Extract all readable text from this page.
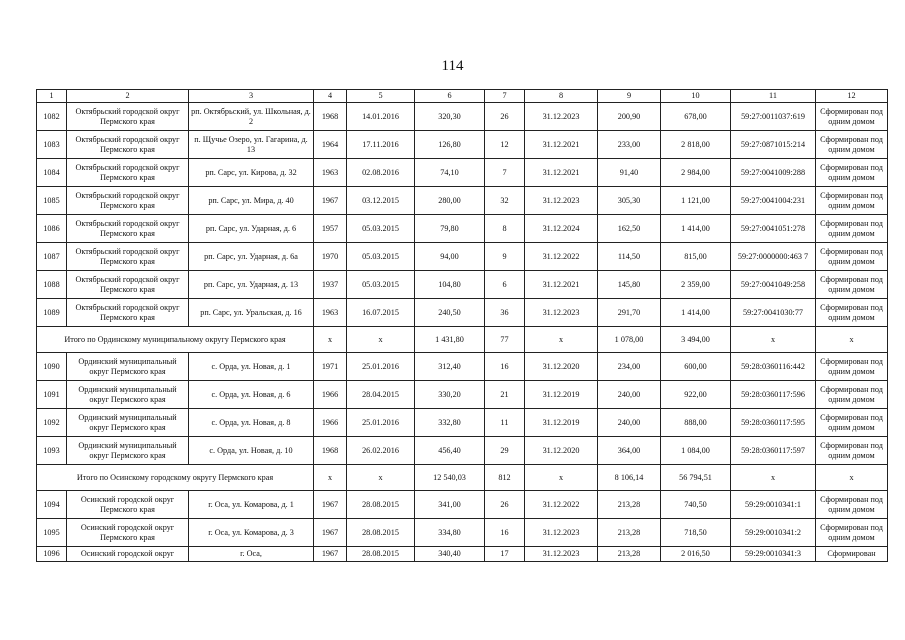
114
1	2	3	4	5	6	7	8	9	10	11	12
1082	Октябрьский городской округ Пермского края	рп. Октябрьский, ул. Школьная, д. 2	1968	14.01.2016	320,30	26	31.12.2023	200,90	678,00	59:27:0011037:619	Сформирован под одним домом
1083	Октябрьский городской округ Пермского края	п. Щучье Озеро, ул. Гагарина, д. 13	1964	17.11.2016	126,80	12	31.12.2021	233,00	2 818,00	59:27:0871015:214	Сформирован под одним домом
1084	Октябрьский городской округ Пермского края	рп. Сарс, ул. Кирова, д. 32	1963	02.08.2016	74,10	7	31.12.2021	91,40	2 984,00	59:27:0041009:288	Сформирован под одним домом
1085	Октябрьский городской округ Пермского края	рп. Сарс, ул. Мира, д. 40	1967	03.12.2015	280,00	32	31.12.2023	305,30	1 121,00	59:27:0041004:231	Сформирован под одним домом
1086	Октябрьский городской округ Пермского края	рп. Сарс, ул. Ударная, д. 6	1957	05.03.2015	79,80	8	31.12.2024	162,50	1 414,00	59:27:0041051:278	Сформирован под одним домом
1087	Октябрьский городской округ Пермского края	рп. Сарс, ул. Ударная, д. 6а	1970	05.03.2015	94,00	9	31.12.2022	114,50	815,00	59:27:0000000:463 7	Сформирован под одним домом
1088	Октябрьский городской округ Пермского края	рп. Сарс, ул. Ударная, д. 13	1937	05.03.2015	104,80	6	31.12.2021	145,80	2 359,00	59:27:0041049:258	Сформирован под одним домом
1089	Октябрьский городской округ Пермского края	рп. Сарс, ул. Уральская, д. 16	1963	16.07.2015	240,50	36	31.12.2023	291,70	1 414,00	59:27:0041030:77	Сформирован под одним домом
Итого по Ординскому муниципальному округу Пермского края			x	x	1 431,80	77	x	1 078,00	3 494,00	x	x
1090	Ординский муниципальный округ Пермского края	с. Орда, ул. Новая, д. 1	1971	25.01.2016	312,40	16	31.12.2020	234,00	600,00	59:28:0360116:442	Сформирован под одним домом
1091	Ординский муниципальный округ Пермского края	с. Орда, ул. Новая, д. 6	1966	28.04.2015	330,20	21	31.12.2019	240,00	922,00	59:28:0360117:596	Сформирован под одним домом
1092	Ординский муниципальный округ Пермского края	с. Орда, ул. Новая, д. 8	1966	25.01.2016	332,80	11	31.12.2019	240,00	888,00	59:28:0360117:595	Сформирован под одним домом
1093	Ординский муниципальный округ Пермского края	с. Орда, ул. Новая, д. 10	1968	26.02.2016	456,40	29	31.12.2020	364,00	1 084,00	59:28:0360117:597	Сформирован под одним домом
Итого по Осинскому городскому округу Пермского края			x	x	12 540,03	812	x	8 106,14	56 794,51	x	x
1094	Осинский городской округ Пермского края	г. Оса, ул. Комарова, д. 1	1967	28.08.2015	341,00	26	31.12.2022	213,28	740,50	59:29:0010341:1	Сформирован под одним домом
1095	Осинский городской округ Пермского края	г. Оса, ул. Комарова, д. 3	1967	28.08.2015	334,80	16	31.12.2023	213,28	718,50	59:29:0010341:2	Сформирован под одним домом
1096	Осинский городской округ	г. Оса,	1967	28.08.2015	340,40	17	31.12.2023	213,28	2 016,50	59:29:0010341:3	Сформирован
